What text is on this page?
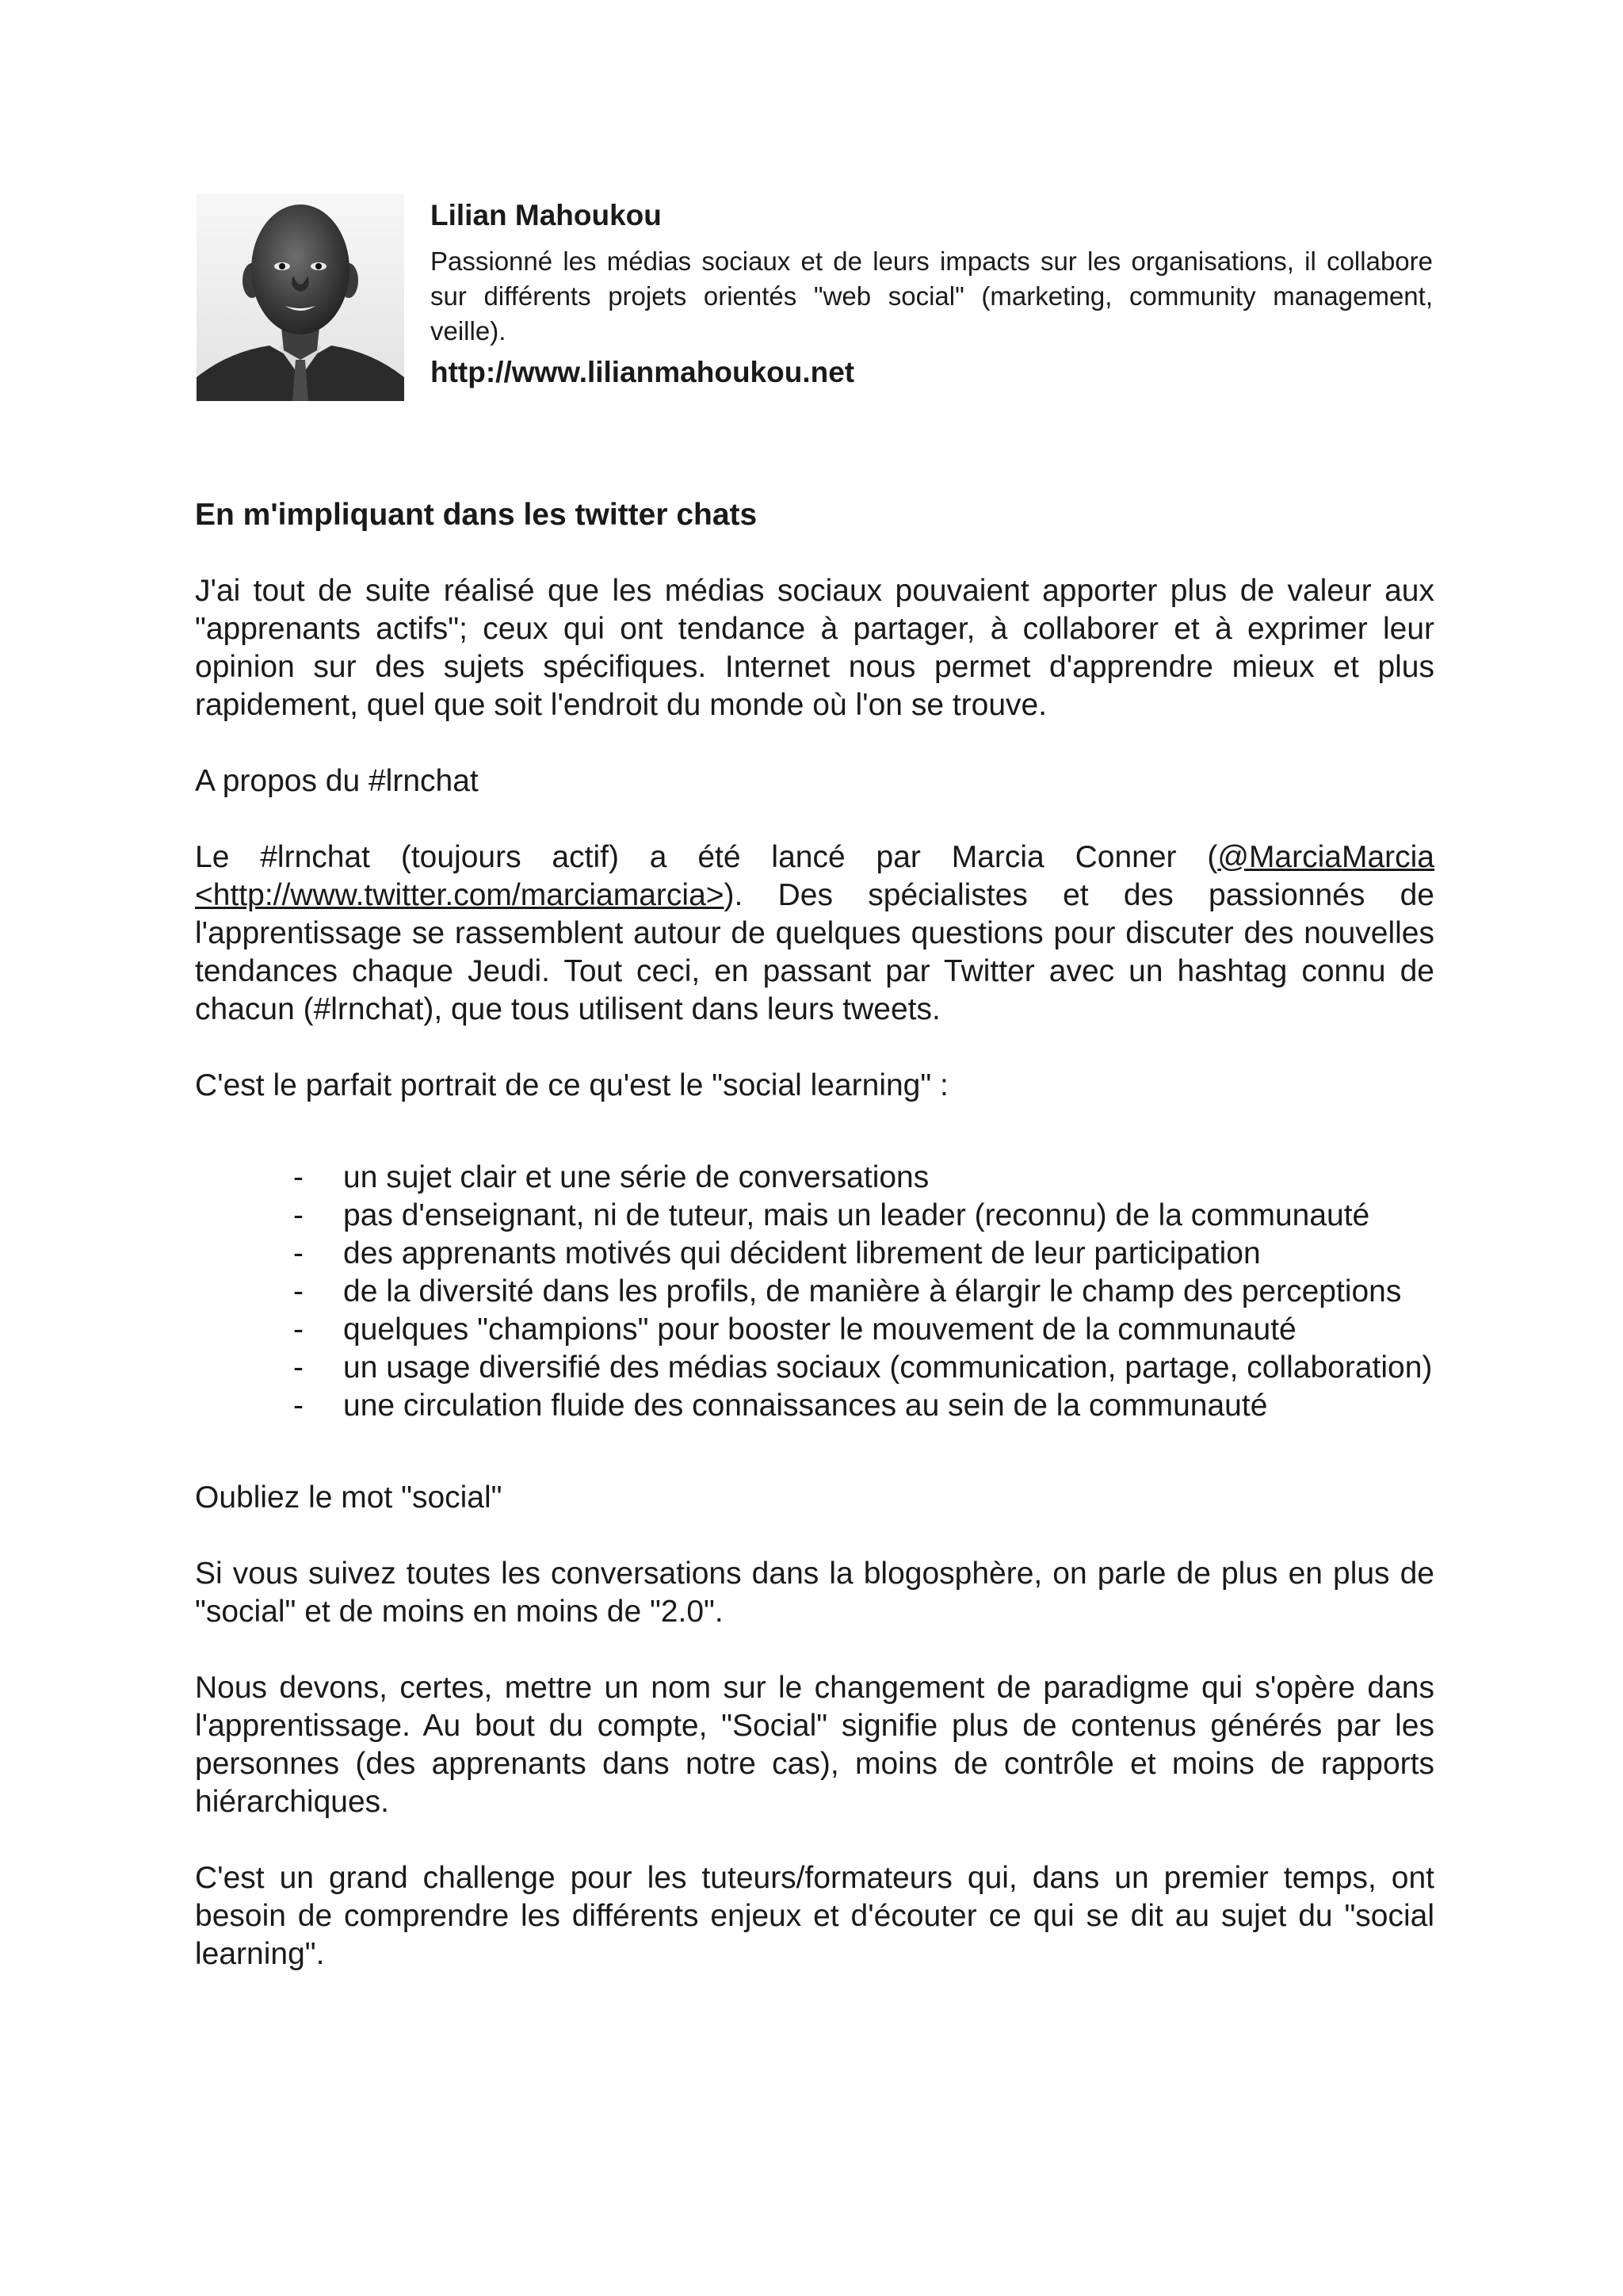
Lilian Mahoukou

Passionné les médias sociaux et de leurs impacts sur les organisations, il collabore sur différents projets orientés "web social" (marketing, community management, veille).

http://www.lilianmahoukou.net

En m'impliquant dans les twitter chats

J'ai tout de suite réalisé que les médias sociaux pouvaient apporter plus de valeur aux "apprenants actifs"; ceux qui ont tendance à partager, à collaborer et à exprimer leur opinion sur des sujets spécifiques. Internet nous permet d'apprendre mieux et plus rapidement, quel que soit l'endroit du monde où l'on se trouve.

A propos du #lrnchat

Le #lrnchat (toujours actif) a été lancé par Marcia Conner (@MarciaMarcia <http://www.twitter.com/marciamarcia>). Des spécialistes et des passionnés de l'apprentissage se rassemblent autour de quelques questions pour discuter des nouvelles tendances chaque Jeudi. Tout ceci, en passant par Twitter avec un hashtag connu de chacun (#lrnchat), que tous utilisent dans leurs tweets.

C'est le parfait portrait de ce qu'est le "social learning" :

- un sujet clair et une série de conversations
- pas d'enseignant, ni de tuteur, mais un leader (reconnu) de la communauté
- des apprenants motivés qui décident librement de leur participation
- de la diversité dans les profils, de manière à élargir le champ des perceptions
- quelques "champions" pour booster le mouvement de la communauté
- un usage diversifié des médias sociaux (communication, partage, collaboration)
- une circulation fluide des connaissances au sein de la communauté

Oubliez le mot "social"

Si vous suivez toutes les conversations dans la blogosphère, on parle de plus en plus de "social" et de moins en moins de "2.0".

Nous devons, certes, mettre un nom sur le changement de paradigme qui s'opère dans l'apprentissage. Au bout du compte, "Social" signifie plus de contenus générés par les personnes (des apprenants dans notre cas), moins de contrôle et moins de rapports hiérarchiques.

C'est un grand challenge pour les tuteurs/formateurs qui, dans un premier temps, ont besoin de comprendre les différents enjeux et d'écouter ce qui se dit au sujet du "social learning".
